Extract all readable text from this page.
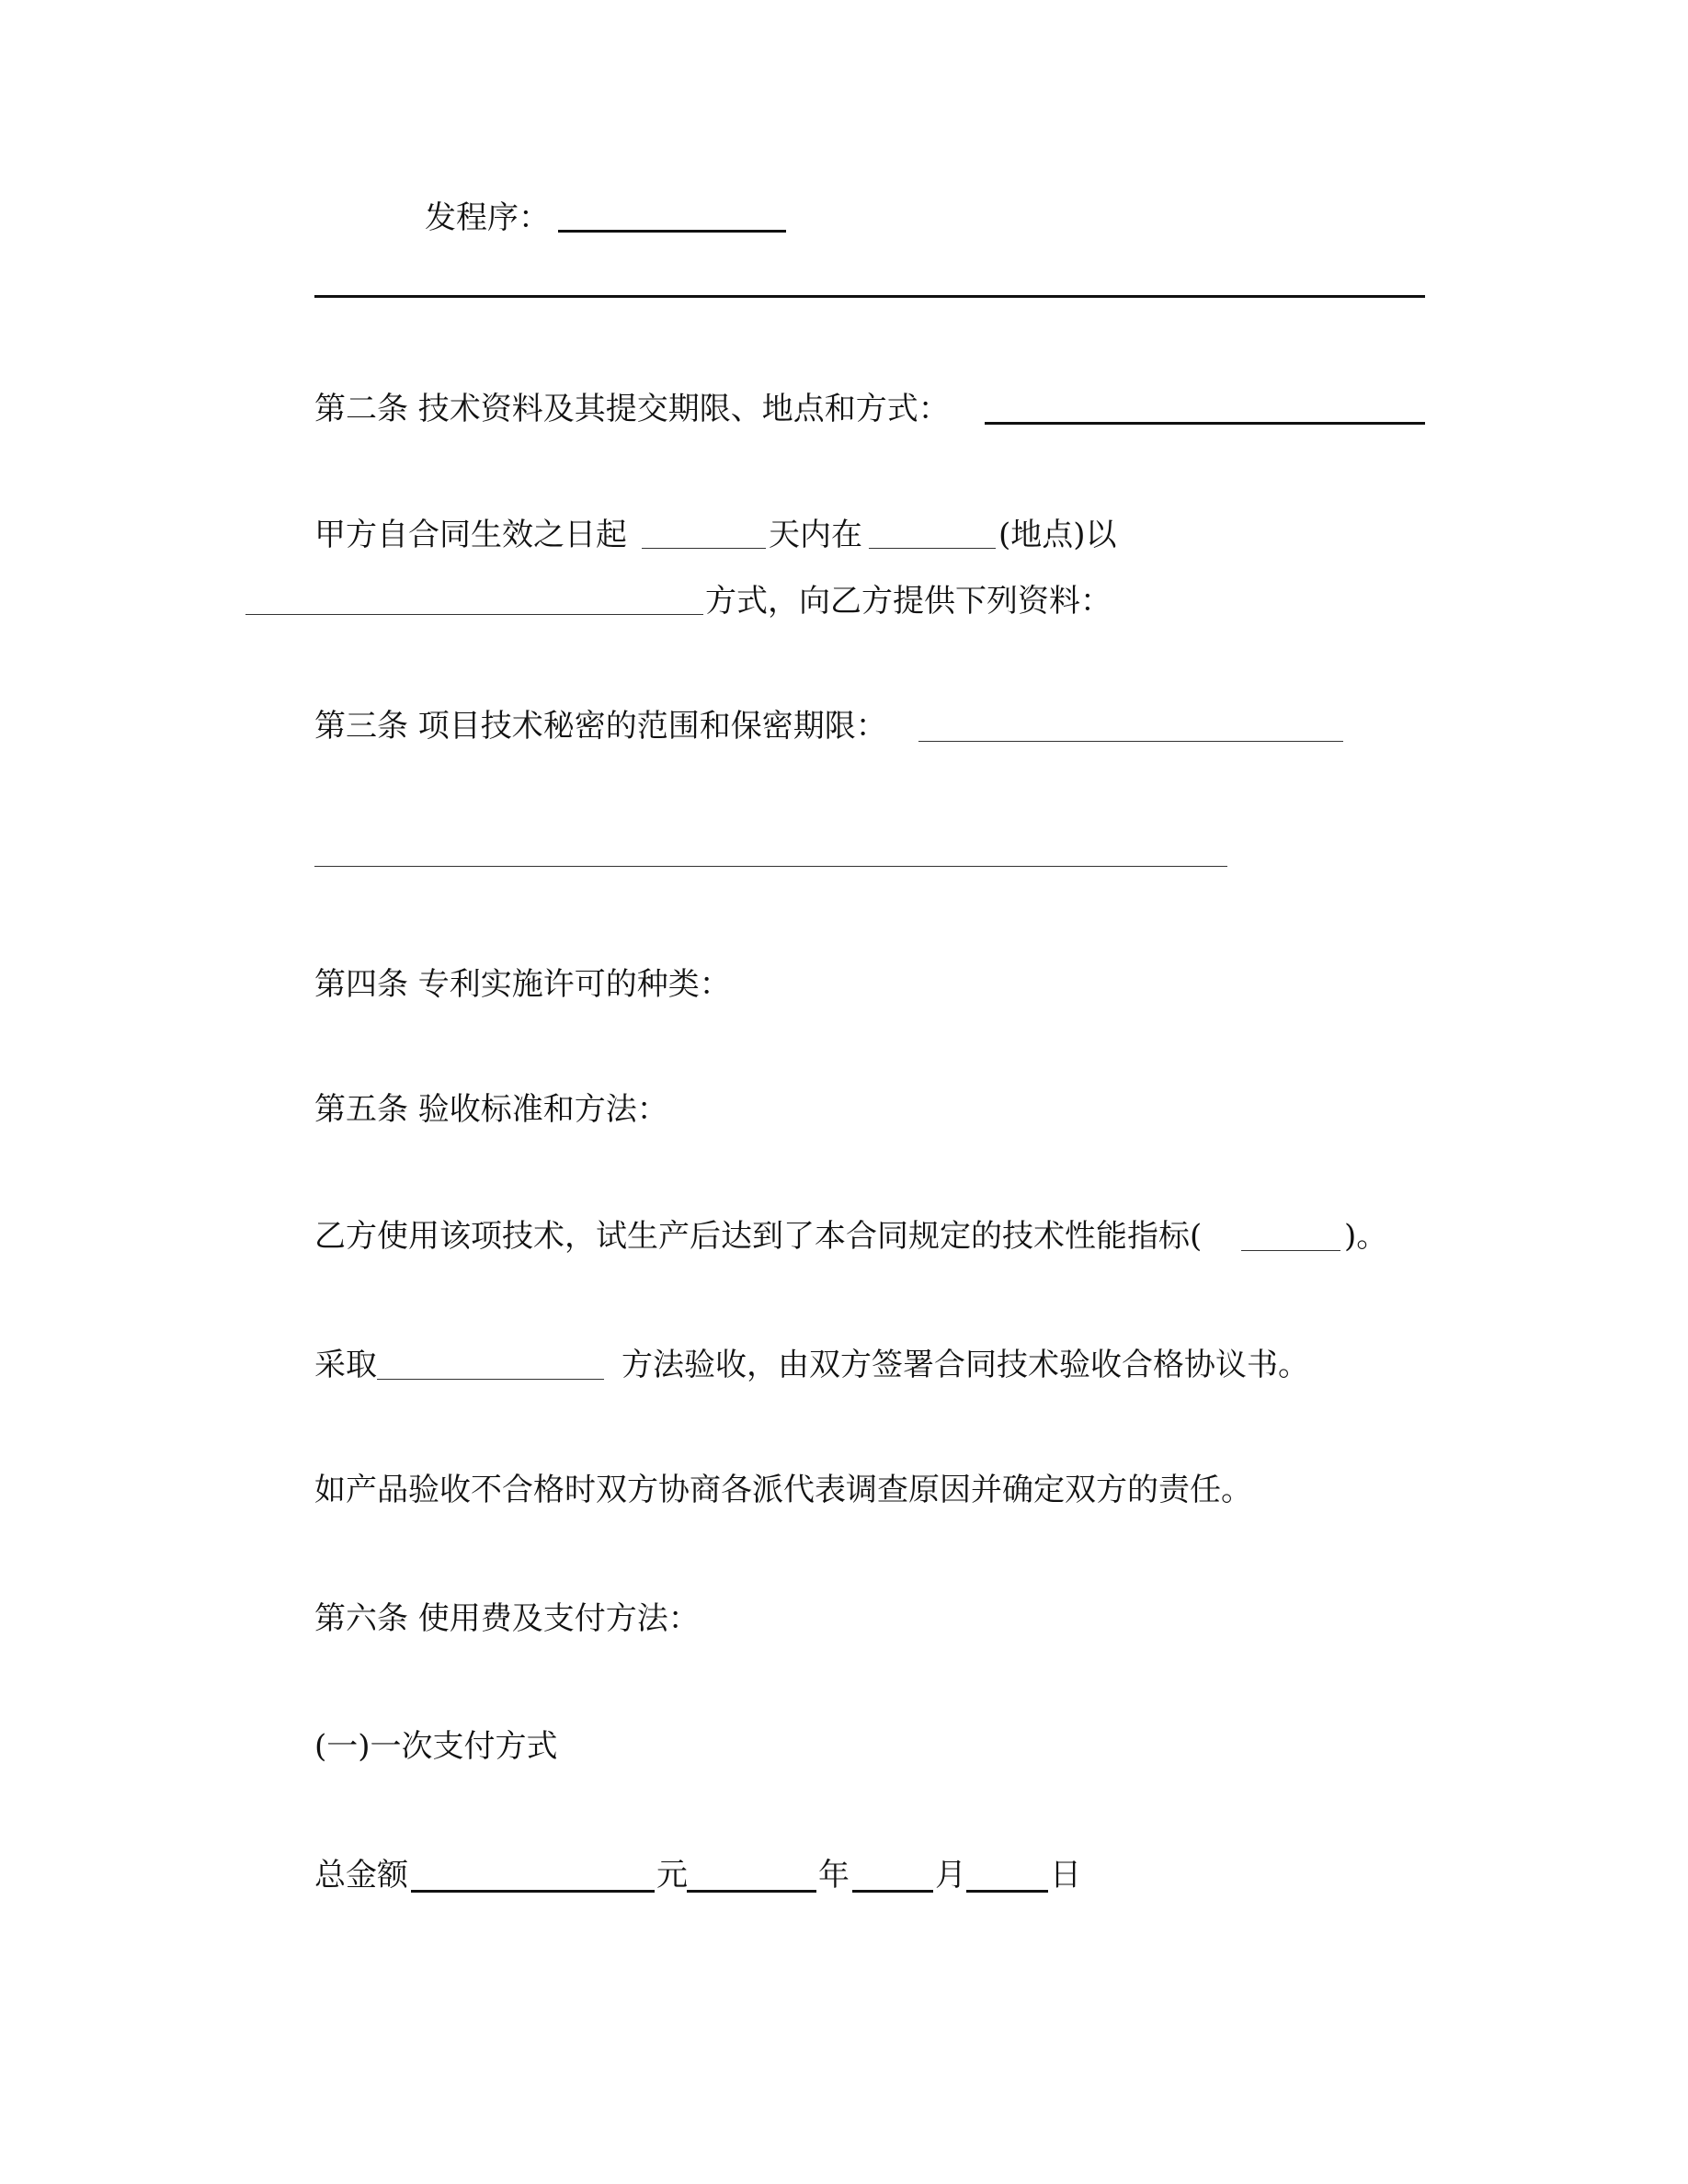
发程序：
第二条 技术资料及其提交期限、地点和方式：
甲方自合同生效之日起	天内在	(地点)以
方式，向乙方提供下列资料：
第三条 项目技术秘密的范围和保密期限：
第四条 专利实施许可的种类：
第五条 验收标准和方法：
乙方使用该项技术，试生产后达到了本合同规定的技术性能指标(	)。
采取	方法验收，由双方签署合同技术验收合格协议书。
如产品验收不合格时双方协商各派代表调查原因并确定双方的责任。
第六条 使用费及支付方法：
(一)一次支付方式
总金额	元	年	月	日
